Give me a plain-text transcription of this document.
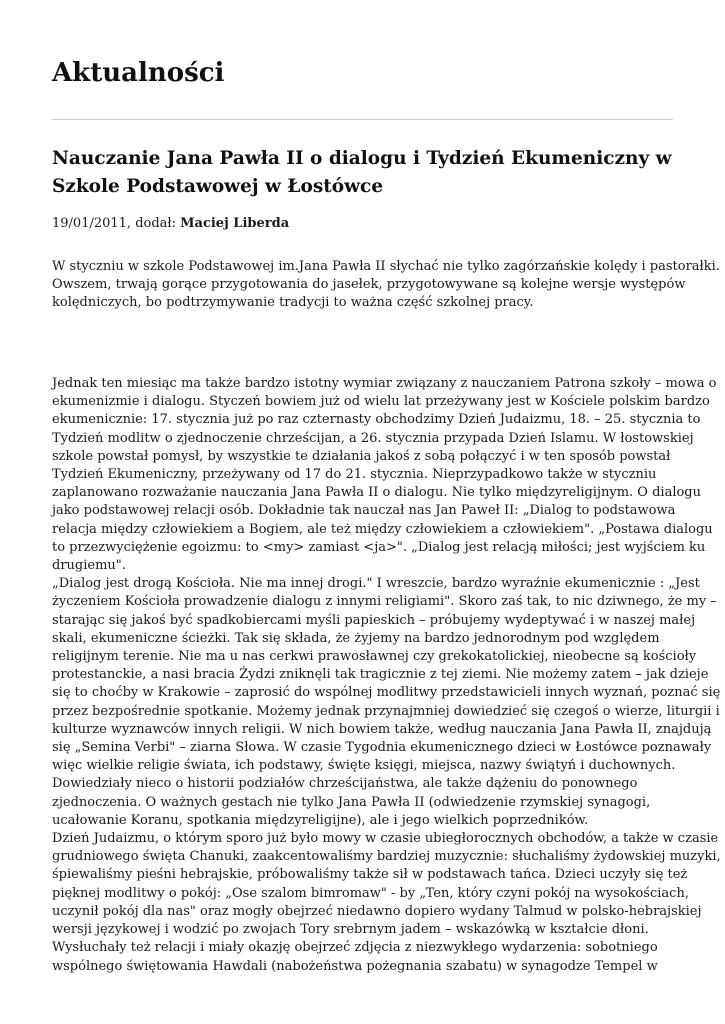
Aktualności
Nauczanie Jana Pawła II o dialogu i Tydzień Ekumeniczny w Szkole Podstawowej w Łostówce
19/01/2011, dodał: Maciej Liberda
W styczniu w szkole Podstawowej im.Jana Pawła II słychać nie tylko zagórzańskie kolędy i pastorałki.
Owszem, trwają gorące przygotowania do jasełek, przygotowywane są kolejne wersje występów
kolędniczych, bo podtrzymywanie tradycji to ważna część szkolnej pracy.
Jednak ten miesiąc ma także bardzo istotny wymiar związany z nauczaniem Patrona szkoły – mowa o
ekumenizmie i dialogu. Styczeń bowiem już od wielu lat przeżywany jest w Kościele polskim bardzo
ekumenicznie: 17. stycznia już po raz czternasty obchodzimy Dzień Judaizmu, 18. – 25. stycznia to
Tydzień modlitw o zjednoczenie chrześcijan, a 26. stycznia przypada Dzień Islamu. W łostowskiej
szkole powstał pomysł, by wszystkie te działania jakoś z sobą połączyć i w ten sposób powstał
Tydzień Ekumeniczny, przeżywany od 17 do 21. stycznia. Nieprzypadkowo także w styczniu
zaplanowano rozważanie nauczania Jana Pawła II o dialogu. Nie tylko międzyreligijnym. O dialogu
jako podstawowej relacji osób. Dokładnie tak nauczał nas Jan Paweł II: „Dialog to podstawowa
relacja między człowiekiem a Bogiem, ale też między człowiekiem a człowiekiem". „Postawa dialogu
to przezwyciężenie egoizmu: to <my> zamiast <ja>". „Dialog jest relacją miłości; jest wyjściem ku
drugiemu".
„Dialog jest drogą Kościoła. Nie ma innej drogi." I wreszcie, bardzo wyraźnie ekumenicznie : „Jest
życzeniem Kościoła prowadzenie dialogu z innymi religiami". Skoro zaś tak, to nic dziwnego, że my –
starając się jakoś być spadkobiercami myśli papieskich – próbujemy wydeptywać i w naszej małej
skali, ekumeniczne ścieżki. Tak się składa, że żyjemy na bardzo jednorodnym pod względem
religijnym terenie. Nie ma u nas cerkwi prawosławnej czy grekokatolickiej, nieobecne są kościoły
protestanckie, a nasi bracia Żydzi zniknęli tak tragicznie z tej ziemi. Nie możemy zatem – jak dzieje
się to choćby w Krakowie – zaprosić do wspólnej modlitwy przedstawicieli innych wyznań, poznać się
przez bezpośrednie spotkanie. Możemy jednak przynajmniej dowiedzieć się czegoś o wierze, liturgii i
kulturze wyznawców innych religii. W nich bowiem także, według nauczania Jana Pawła II, znajdują
się „Semina Verbi" – ziarna Słowa. W czasie Tygodnia ekumenicznego dzieci w Łostówce poznawały
więc wielkie religie świata, ich podstawy, święte księgi, miejsca, nazwy świątyń i duchownych.
Dowiedziały nieco o historii podziałów chrześcijaństwa, ale także dążeniu do ponownego
zjednoczenia. O ważnych gestach nie tylko Jana Pawła II (odwiedzenie rzymskiej synagogi,
ucałowanie Koranu, spotkania międzyreligijne), ale i jego wielkich poprzedników.
Dzień Judaizmu, o którym sporo już było mowy w czasie ubiegłorocznych obchodów, a także w czasie
grudniowego święta Chanuki, zaakcentowaliśmy bardziej muzycznie: słuchaliśmy żydowskiej muzyki,
śpiewaliśmy pieśni hebrajskie, próbowaliśmy także sił w podstawach tańca. Dzieci uczyły się też
pięknej modlitwy o pokój: „Ose szalom bimromaw" - by „Ten, który czyni pokój na wysokościach,
uczynił pokój dla nas" oraz mogły obejrzeć niedawno dopiero wydany Talmud w polsko-hebrajskiej
wersji językowej i wodzić po zwojach Tory srebrnym jadem – wskazówką w kształcie dłoni.
Wysłuchały też relacji i miały okazję obejrzeć zdjęcia z niezwykłego wydarzenia: sobotniego
wspólnego świętowania Hawdali (nabożeństwa pożegnania szabatu) w synagodze Tempel w
